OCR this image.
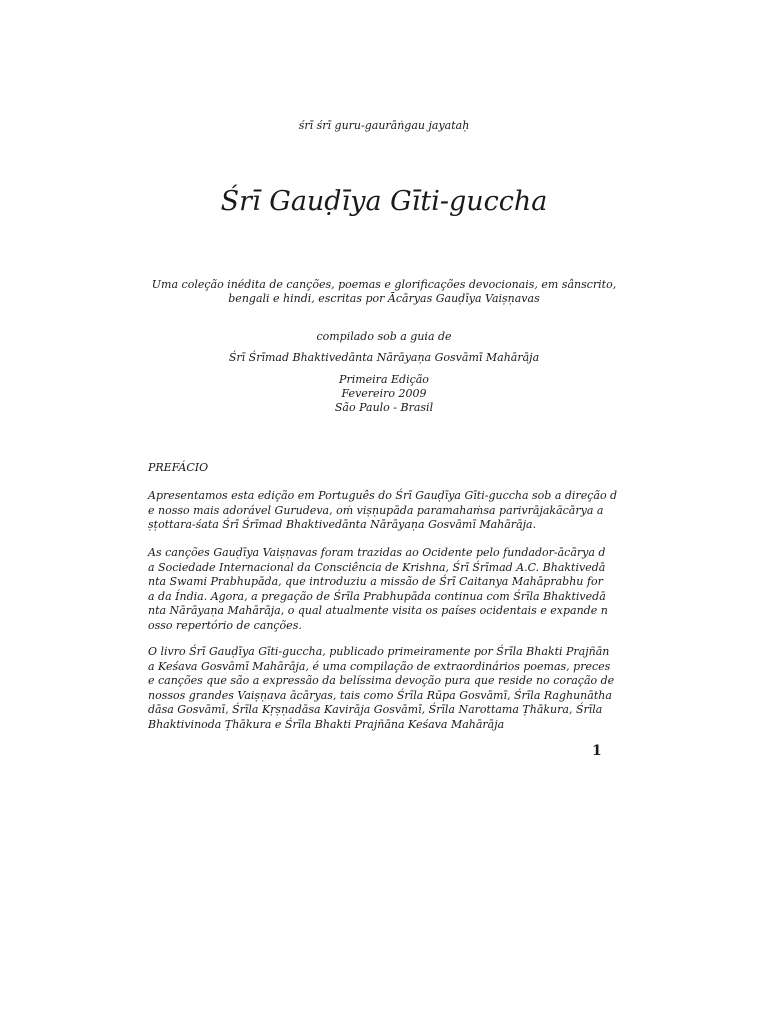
śrī śrī guru-gaurāṅgau jayataḥ
Śrī Gauḍīya Gīti-guccha
Uma coleção inédita de canções, poemas e glorificações devocionais, em sânscrito,
bengali e hindi, escritas por Ācāryas Gauḍīya Vaiṣṇavas
compilado sob a guia de
Śrī Śrīmad Bhaktivedānta Nārāyaṇa Gosvāmī Mahārāja
Primeira Edição
Fevereiro 2009
São Paulo - Brasil
PREFÁCIO
Apresentamos esta edição em Português do Śrī Gauḍīya Gīti-guccha sob a direção d
e nosso mais adorável Gurudeva, oṁ viṣṇupāda paramahaṁsa parivrājakācārya a
ṣṭottara-śata Śrī Śrīmad Bhaktivedānta Nārāyaṇa Gosvāmī Mahārāja.
As canções Gauḍīya Vaiṣṇavas foram trazidas ao Ocidente pelo fundador-ācārya d
a Sociedade Internacional da Consciência de Krishna, Śrī Śrīmad A.C. Bhaktivedā
nta Swami Prabhupāda, que introduziu a missão de Śrī Caitanya Mahāprabhu for
a da Índia. Agora, a pregação de Śrīla Prabhupāda continua com Śrīla Bhaktivedā
nta Nārāyaṇa Mahārāja, o qual atualmente visita os países ocidentais e expande n
osso repertório de canções.
O livro Śrī Gauḍīya Gīti-guccha, publicado primeiramente por Śrīla Bhakti Prajñān
a Keśava Gosvāmī Mahārāja, é uma compilação de extraordinários poemas, preces
e canções que são a expressão da belíssima devoção pura que reside no coração de
nossos grandes Vaiṣṇava ācāryas, tais como Śrīla Rūpa Gosvāmī, Śrīla Raghunātha
dāsa Gosvāmī, Śrīla Kṛṣṇadāsa Kavirāja Gosvāmī, Śrīla Narottama Ṭhākura, Śrīla
Bhaktivinoda Ṭhākura e Śrīla Bhakti Prajñāna Keśava Mahārāja
1
